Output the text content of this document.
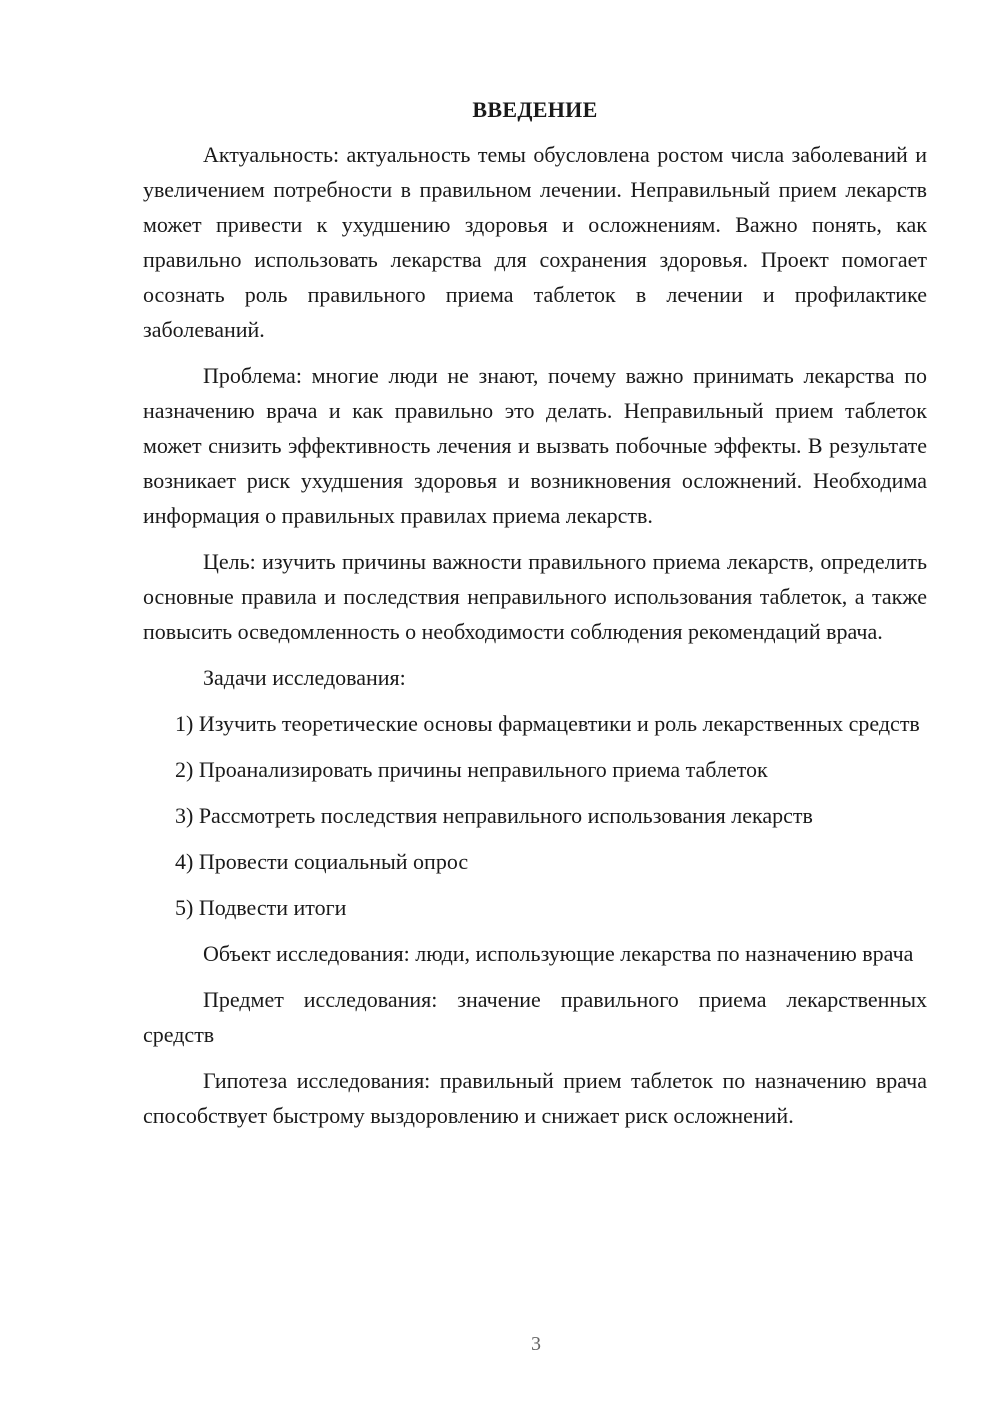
ВВЕДЕНИЕ

Актуальность: актуальность темы обусловлена ростом числа заболеваний и увеличением потребности в правильном лечении. Неправильный прием лекарств может привести к ухудшению здоровья и осложнениям. Важно понять, как правильно использовать лекарства для сохранения здоровья. Проект помогает осознать роль правильного приема таблеток в лечении и профилактике заболеваний.

Проблема: многие люди не знают, почему важно принимать лекарства по назначению врача и как правильно это делать. Неправильный прием таблеток может снизить эффективность лечения и вызвать побочные эффекты. В результате возникает риск ухудшения здоровья и возникновения осложнений. Необходима информация о правильных правилах приема лекарств.

Цель: изучить причины важности правильного приема лекарств, определить основные правила и последствия неправильного использования таблеток, а также повысить осведомленность о необходимости соблюдения рекомендаций врача.

Задачи исследования:

1) Изучить теоретические основы фармацевтики и роль лекарственных средств

2) Проанализировать причины неправильного приема таблеток

3) Рассмотреть последствия неправильного использования лекарств

4) Провести социальный опрос

5) Подвести итоги

Объект исследования: люди, использующие лекарства по назначению врача

Предмет исследования: значение правильного приема лекарственных средств

Гипотеза исследования: правильный прием таблеток по назначению врача способствует быстрому выздоровлению и снижает риск осложнений.

3
